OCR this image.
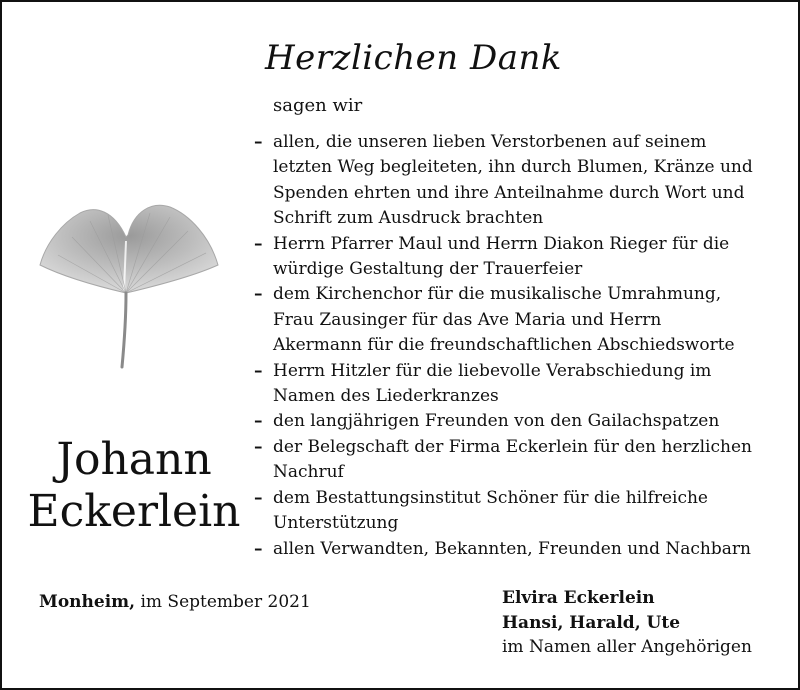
Herzlichen Dank
sagen wir
– allen, die unseren lieben Verstorbenen auf seinem
letzten Weg begleiteten, ihn durch Blumen, Kränze und
Spenden ehrten und ihre Anteilnahme durch Wort und
Schrift zum Ausdruck brachten
– Herrn Pfarrer Maul und Herrn Diakon Rieger für die
würdige Gestaltung der Trauerfeier
– dem Kirchenchor für die musikalische Umrahmung,
Frau Zausinger für das Ave Maria und Herrn
Akermann für die freundschaftlichen Abschiedsworte
– Herrn Hitzler für die liebevolle Verabschiedung im
Namen des Liederkranzes
– den langjährigen Freunden von den Gailachspatzen
– der Belegschaft der Firma Eckerlein für den herzlichen
Nachruf
– dem Bestattungsinstitut Schöner für die hilfreiche
Unterstützung
– allen Verwandten, Bekannten, Freunden und Nachbarn
Johann
Eckerlein
Monheim, im September 2021	Elvira Eckerlein
Hansi, Harald, Ute
im Namen aller Angehörigen
